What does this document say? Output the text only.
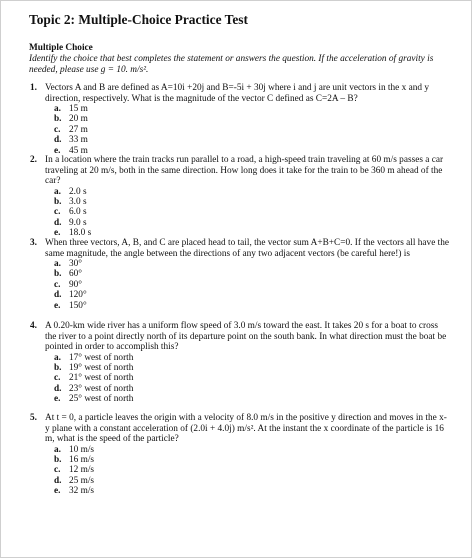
Topic 2: Multiple-Choice Practice Test
Multiple Choice
Identify the choice that best completes the statement or answers the question. If the acceleration of gravity is needed, please use g = 10. m/s².
1. Vectors A and B are defined as A=10i +20j and B=-5i + 30j where i and j are unit vectors in the x and y direction, respectively. What is the magnitude of the vector C defined as C=2A – B?
a. 15 m
b. 20 m
c. 27 m
d. 33 m
e. 45 m
2. In a location where the train tracks run parallel to a road, a high-speed train traveling at 60 m/s passes a car traveling at 20 m/s, both in the same direction. How long does it take for the train to be 360 m ahead of the car?
a. 2.0 s
b. 3.0 s
c. 6.0 s
d. 9.0 s
e. 18.0 s
3. When three vectors, A, B, and C are placed head to tail, the vector sum A+B+C=0. If the vectors all have the same magnitude, the angle between the directions of any two adjacent vectors (be careful here!) is
a. 30°
b. 60°
c. 90°
d. 120°
e. 150°
4. A 0.20-km wide river has a uniform flow speed of 3.0 m/s toward the east. It takes 20 s for a boat to cross the river to a point directly north of its departure point on the south bank. In what direction must the boat be pointed in order to accomplish this?
a. 17° west of north
b. 19° west of north
c. 21° west of north
d. 23° west of north
e. 25° west of north
5. At t = 0, a particle leaves the origin with a velocity of 8.0 m/s in the positive y direction and moves in the x-y plane with a constant acceleration of (2.0i + 4.0j) m/s². At the instant the x coordinate of the particle is 16 m, what is the speed of the particle?
a. 10 m/s
b. 16 m/s
c. 12 m/s
d. 25 m/s
e. 32 m/s
